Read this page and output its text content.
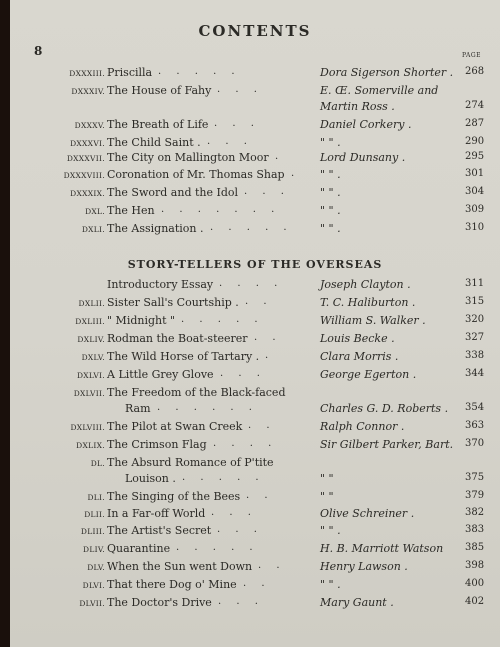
CONTENTS
8	PAGE
STORY-TELLERS OF THE OVERSEAS
DXXXIII. Priscilla . . . . .	Dora Sigerson Shorter . 268
DXXXIV. The House of Fahy . . .	E. Œ. Somerville and
Martin Ross .	274
DXXXV. The Breath of Life . . .	Daniel Corkery .	287
DXXXVI. The Child Saint . . . .	" " .	290
DXXXVII. The City on Mallington Moor .	Lord Dunsany .	295
DXXXVIII. Coronation of Mr. Thomas Shap .	" " .	301
DXXXIX. The Sword and the Idol . . .	" " .	304
DXL. The Hen . . . . . . .	" " .	309
DXLI. The Assignation . . . . . .	" " .	310
Introductory Essay . . . .	Joseph Clayton .	311
DXLII. Sister Sall's Courtship . . .	T. C. Haliburton .	315
DXLIII. " Midnight " . . . . .	William S. Walker .	320
DXLIV. Rodman the Boat-steerer . .	Louis Becke .	327
DXLV. The Wild Horse of Tartary . .	Clara Morris .	338
DXLVI. A Little Grey Glove . . .	George Egerton .	344
DXLVII. The Freedom of the Black-faced
Ram . . . . . .	Charles G. D. Roberts . 354
DXLVIII. The Pilot at Swan Creek . .	Ralph Connor .	363
DXLIX. The Crimson Flag . . . .	Sir Gilbert Parker, Bart. 370
DL. The Absurd Romance of P'tite
Louison . . . . . .	" "	375
DLI. The Singing of the Bees . .	" "	379
DLII. In a Far-off World . . .	Olive Schreiner .	382
DLIII. The Artist's Secret . . .	" " .	383
DLIV. Quarantine . . . . .	H. B. Marriott Watson 385
DLV. When the Sun went Down . .	Henry Lawson .	398
DLVI. That there Dog o' Mine . .	" " .	400
DLVII. The Doctor's Drive . . .	Mary Gaunt .	402
